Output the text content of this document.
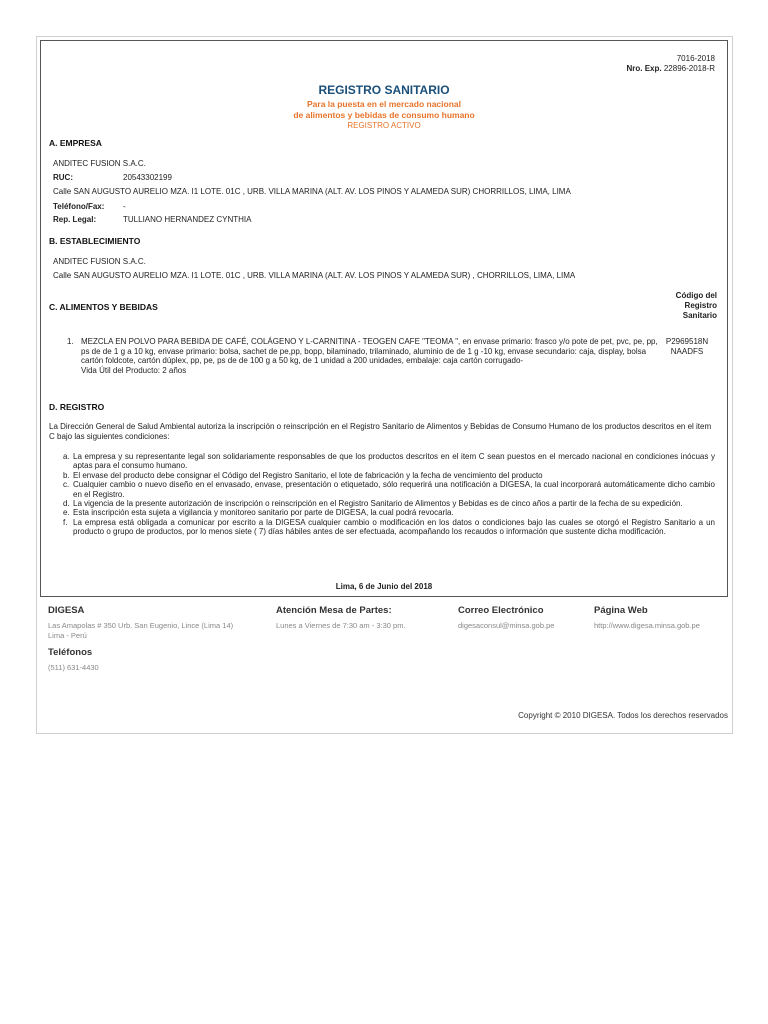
7016-2018
Nro. Exp. 22896-2018-R
REGISTRO SANITARIO
Para la puesta en el mercado nacional
de alimentos y bebidas de consumo humano
REGISTRO ACTIVO
A. EMPRESA
ANDITEC FUSION S.A.C.
RUC:	20543302199
Calle SAN AUGUSTO AURELIO MZA. I1 LOTE. 01C , URB. VILLA MARINA (ALT. AV. LOS PINOS Y ALAMEDA SUR) CHORRILLOS, LIMA, LIMA
Teléfono/Fax: -
Rep. Legal:	TULLIANO HERNANDEZ CYNTHIA
B. ESTABLECIMIENTO
ANDITEC FUSION S.A.C.
Calle SAN AUGUSTO AURELIO MZA. I1 LOTE. 01C , URB. VILLA MARINA (ALT. AV. LOS PINOS Y ALAMEDA SUR) , CHORRILLOS, LIMA, LIMA
C. ALIMENTOS Y BEBIDAS
Código del
Registro
Sanitario
1. MEZCLA EN POLVO PARA BEBIDA DE CAFÉ, COLÁGENO Y L-CARNITINA - TEOGEN CAFE "TEOMA ", en envase primario: frasco y/o pote de pet, pvc, pe, pp, ps de de 1 g a 10 kg, envase primario: bolsa, sachet de pe,pp, bopp, bilaminado, trilaminado, aluminio de de 1 g -10 kg, envase secundario: caja, display, bolsa cartón foldcote, cartón dúplex, pp, pe, ps de de 100 g a 50 kg, de 1 unidad a 200 unidades, embalaje: caja cartón corrugado-
Vida Útil del Producto: 2 años
P2969518N
NAADFS
D. REGISTRO
La Dirección General de Salud Ambiental autoriza la inscripción o reinscripción en el Registro Sanitario de Alimentos y Bebidas de Consumo Humano de los productos descritos en el item C bajo las siguientes condiciones:
a. La empresa y su representante legal son solidariamente responsables de que los productos descritos en el item C sean puestos en el mercado nacional en condiciones inócuas y aptas para el consumo humano.
b. El envase del producto debe consignar el Código del Registro Sanitario, el lote de fabricación y la fecha de vencimiento del producto
c. Cualquier cambio o nuevo diseño en el envasado, envase, presentación o etiquetado, sólo requerirá una notificación a DIGESA, la cual incorporará automáticamente dicho cambio en el Registro.
d. La vigencia de la presente autorización de inscripción o reinscripción en el Registro Sanitario de Alimentos y Bebidas es de cinco años a partir de la fecha de su expedición.
e. Esta inscripción esta sujeta a vigilancia y monitoreo sanitario por parte de DIGESA, la cual podrá revocarla.
f. La empresa está obligada a comunicar por escrito a la DIGESA cualquier cambio o modificación en los datos o condiciones bajo las cuales se otorgó el Registro Sanitario a un producto o grupo de productos, por lo menos siete ( 7) días hábiles antes de ser efectuada, acompañando los recaudos o información que sustente dicha modificación.
Lima, 6 de Junio del 2018
DIGESA
Las Amapolas # 350 Urb. San Eugenio, Lince (Lima 14)
Lima - Perú
Atención Mesa de Partes:
Lunes a Viernes de 7:30 am - 3:30 pm.
Correo Electrónico
digesaconsul@minsa.gob.pe
Página Web
http://www.digesa.minsa.gob.pe
Teléfonos
(511) 631-4430
Copyright © 2010 DIGESA. Todos los derechos reservados
